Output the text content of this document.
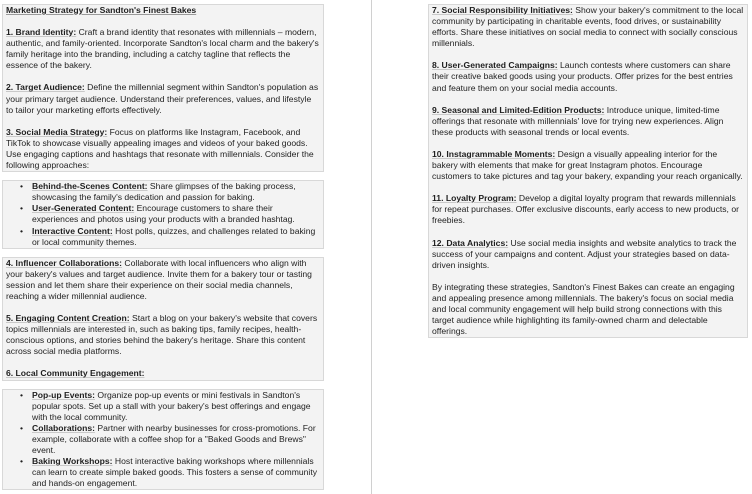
Marketing Strategy for Sandton's Finest Bakes

1. Brand Identity: Craft a brand identity that resonates with millennials – modern, authentic, and family-oriented. Incorporate Sandton's local charm and the bakery's family heritage into the branding, including a catchy tagline that reflects the essence of the bakery.

2. Target Audience: Define the millennial segment within Sandton's population as your primary target audience. Understand their preferences, values, and lifestyle to tailor your marketing efforts effectively.

3. Social Media Strategy: Focus on platforms like Instagram, Facebook, and TikTok to showcase visually appealing images and videos of your baked goods. Use engaging captions and hashtags that resonate with millennials. Consider the following approaches:

• Behind-the-Scenes Content: Share glimpses of the baking process, showcasing the family's dedication and passion for baking.
• User-Generated Content: Encourage customers to share their experiences and photos using your products with a branded hashtag.
• Interactive Content: Host polls, quizzes, and challenges related to baking or local community themes.

4. Influencer Collaborations: Collaborate with local influencers who align with your bakery's values and target audience. Invite them for a bakery tour or tasting session and let them share their experience on their social media channels, reaching a wider millennial audience.

5. Engaging Content Creation: Start a blog on your bakery's website that covers topics millennials are interested in, such as baking tips, family recipes, health-conscious options, and stories behind the bakery's heritage. Share this content across social media platforms.

6. Local Community Engagement:

• Pop-up Events: Organize pop-up events or mini festivals in Sandton's popular spots. Set up a stall with your bakery's best offerings and engage with the local community.
• Collaborations: Partner with nearby businesses for cross-promotions. For example, collaborate with a coffee shop for a "Baked Goods and Brews" event.
• Baking Workshops: Host interactive baking workshops where millennials can learn to create simple baked goods. This fosters a sense of community and hands-on engagement.

7. Social Responsibility Initiatives: Show your bakery's commitment to the local community by participating in charitable events, food drives, or sustainability efforts. Share these initiatives on social media to connect with socially conscious millennials.

8. User-Generated Campaigns: Launch contests where customers can share their creative baked goods using your products. Offer prizes for the best entries and feature them on your social media accounts.

9. Seasonal and Limited-Edition Products: Introduce unique, limited-time offerings that resonate with millennials' love for trying new experiences. Align these products with seasonal trends or local events.

10. Instagrammable Moments: Design a visually appealing interior for the bakery with elements that make for great Instagram photos. Encourage customers to take pictures and tag your bakery, expanding your reach organically.

11. Loyalty Program: Develop a digital loyalty program that rewards millennials for repeat purchases. Offer exclusive discounts, early access to new products, or freebies.

12. Data Analytics: Use social media insights and website analytics to track the success of your campaigns and content. Adjust your strategies based on data-driven insights.

By integrating these strategies, Sandton's Finest Bakes can create an engaging and appealing presence among millennials. The bakery's focus on social media and local community engagement will help build strong connections with this target audience while highlighting its family-owned charm and delectable offerings.
